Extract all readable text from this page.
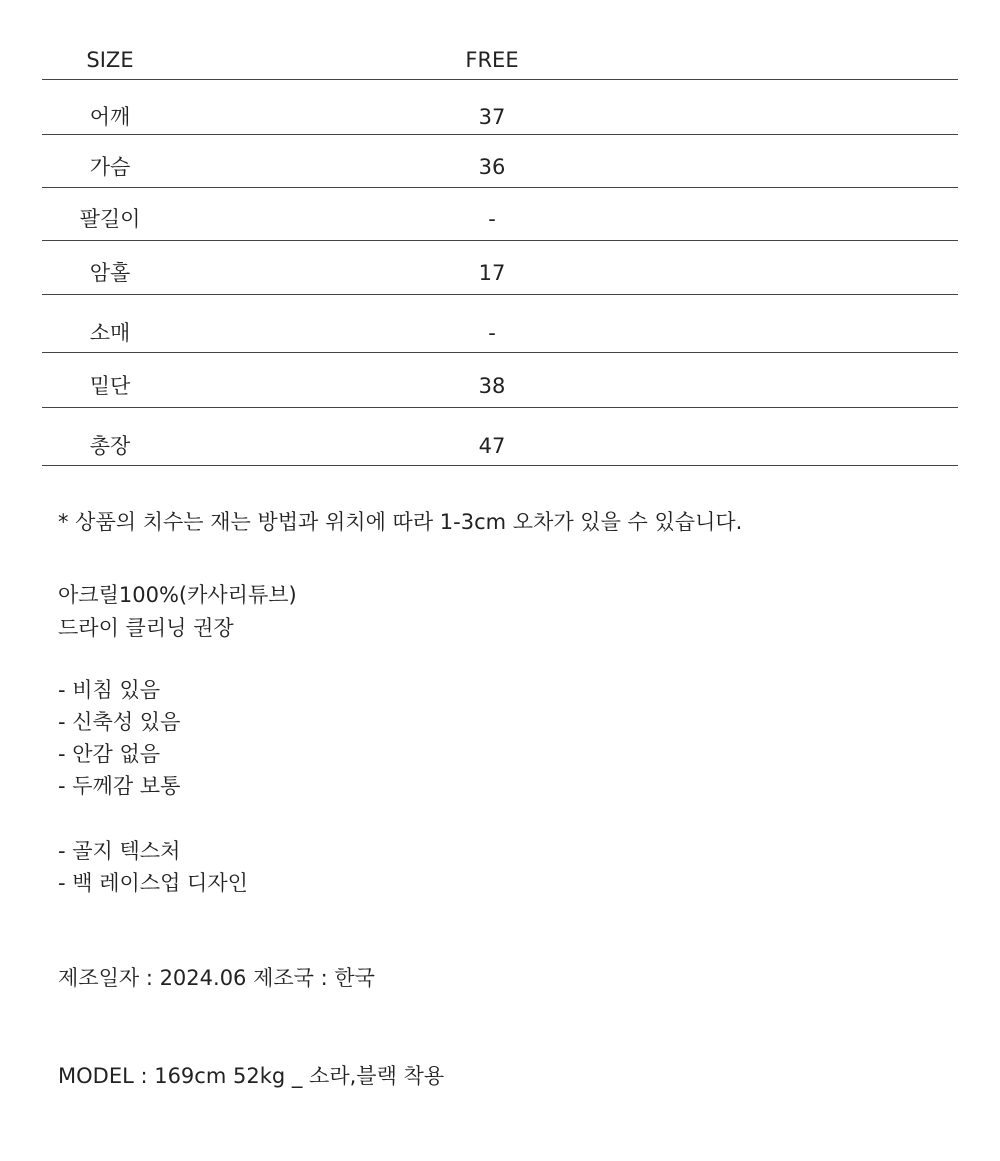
SIZE	FREE
어깨	37
가슴	36
팔길이	-
암홀	17
소매	-
밑단	38
총장	47
* 상품의 치수는 재는 방법과 위치에 따라 1-3cm 오차가 있을 수 있습니다.
아크릴100%(카사리튜브)
드라이 클리닝 권장
- 비침 있음
- 신축성 있음
- 안감 없음
- 두께감 보통
- 골지 텍스처
- 백 레이스업 디자인
제조일자 : 2024.06 제조국 : 한국
MODEL : 169cm 52kg _ 소라,블랙 착용
